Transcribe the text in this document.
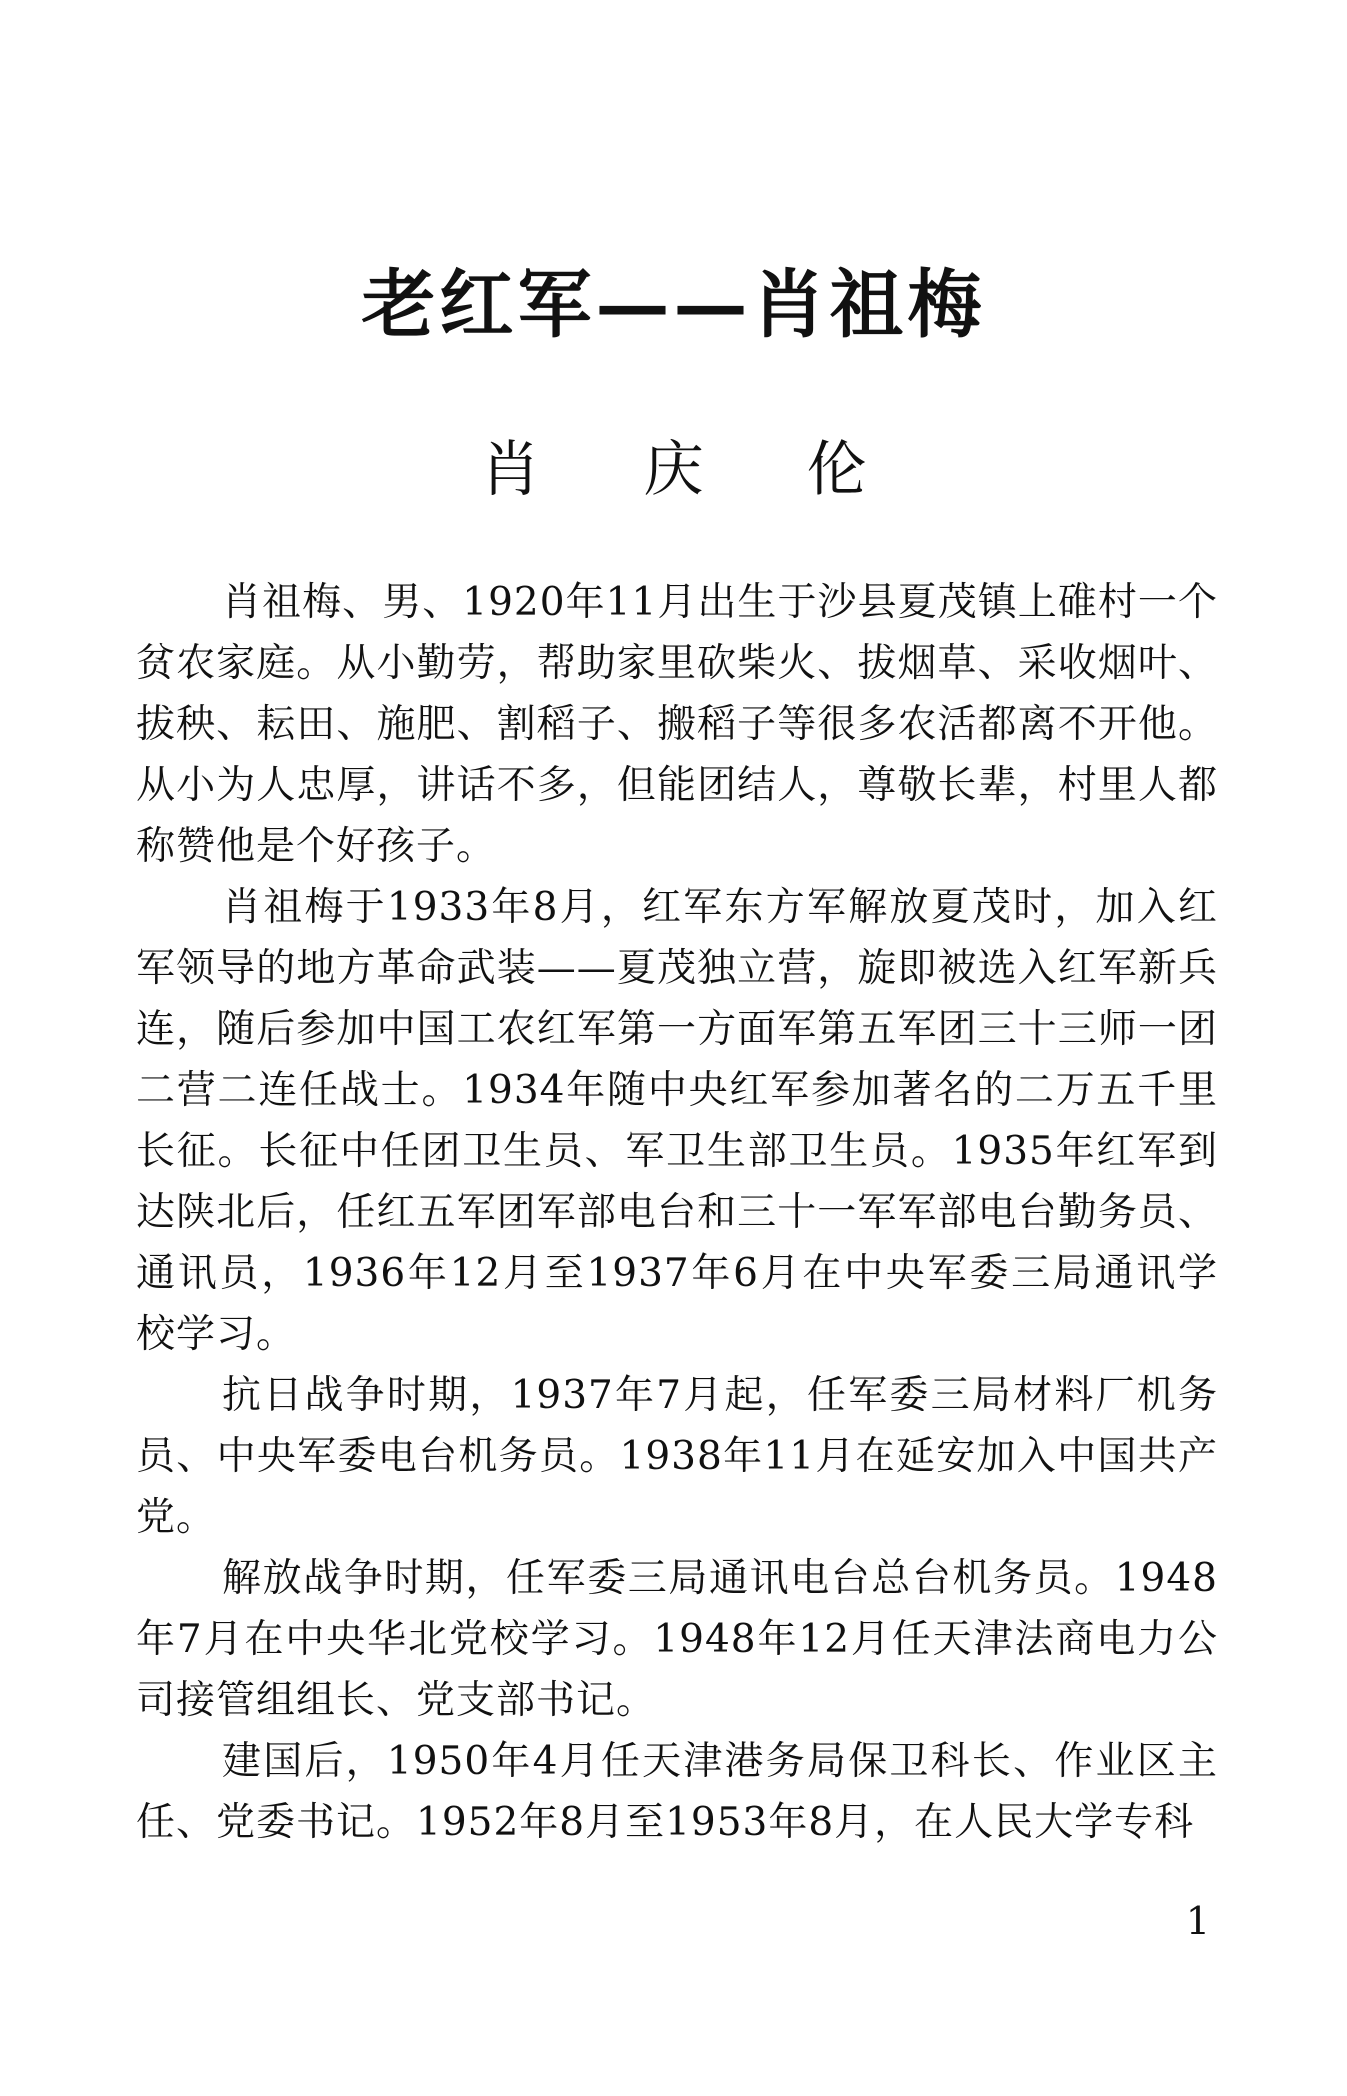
老红军——肖祖梅
肖 庆 伦

肖祖梅、男、1920年11月出生于沙县夏茂镇上碓村一个贫农家庭。从小勤劳，帮助家里砍柴火、拔烟草、采收烟叶、拔秧、耘田、施肥、割稻子、搬稻子等很多农活都离不开他。从小为人忠厚，讲话不多，但能团结人，尊敬长辈，村里人都称赞他是个好孩子。

肖祖梅于1933年8月，红军东方军解放夏茂时，加入红军领导的地方革命武装——夏茂独立营，旋即被选入红军新兵连，随后参加中国工农红军第一方面军第五军团三十三师一团二营二连任战士。1934年随中央红军参加著名的二万五千里长征。长征中任团卫生员、军卫生部卫生员。1935年红军到达陕北后，任红五军团军部电台和三十一军军部电台勤务员、通讯员，1936年12月至1937年6月在中央军委三局通讯学校学习。

抗日战争时期，1937年7月起，任军委三局材料厂机务员、中央军委电台机务员。1938年11月在延安加入中国共产党。

解放战争时期，任军委三局通讯电台总台机务员。1948年7月在中央华北党校学习。1948年12月任天津法商电力公司接管组组长、党支部书记。

建国后，1950年4月任天津港务局保卫科长、作业区主任、党委书记。1952年8月至1953年8月，在人民大学专科

1
